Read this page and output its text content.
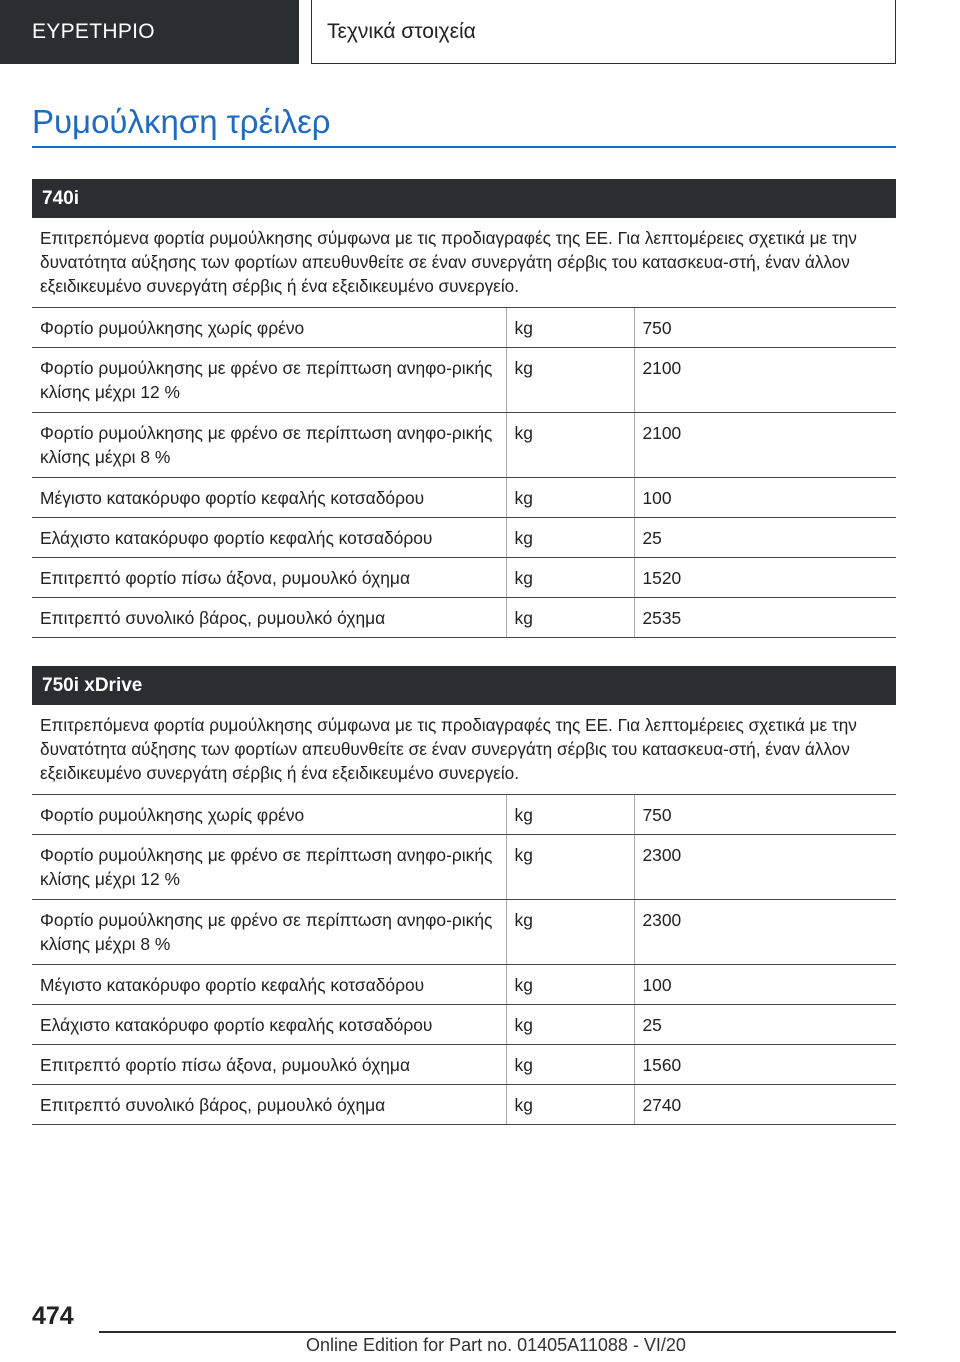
ΕΥΡΕΤΗΡΙΟ	Τεχνικά στοιχεία
Ρυμούλκηση τρέιλερ
740i
Επιτρεπόμενα φορτία ρυμούλκησης σύμφωνα με τις προδιαγραφές της ΕΕ. Για λεπτομέρειες σχετικά με την δυνατότητα αύξησης των φορτίων απευθυνθείτε σε έναν συνεργάτη σέρβις του κατασκευα-στή, έναν άλλον εξειδικευμένο συνεργάτη σέρβις ή ένα εξειδικευμένο συνεργείο.
Φορτίο ρυμούλκησης χωρίς φρένο	kg	750
Φορτίο ρυμούλκησης με φρένο σε περίπτωση ανηφο-ρικής κλίσης μέχρι 12 %	kg	2100
Φορτίο ρυμούλκησης με φρένο σε περίπτωση ανηφο-ρικής κλίσης μέχρι 8 %	kg	2100
Μέγιστο κατακόρυφο φορτίο κεφαλής κοτσαδόρου	kg	100
Ελάχιστο κατακόρυφο φορτίο κεφαλής κοτσαδόρου	kg	25
Επιτρεπτό φορτίο πίσω άξονα, ρυμουλκό όχημα	kg	1520
Επιτρεπτό συνολικό βάρος, ρυμουλκό όχημα	kg	2535
750i xDrive
Επιτρεπόμενα φορτία ρυμούλκησης σύμφωνα με τις προδιαγραφές της ΕΕ. Για λεπτομέρειες σχετικά με την δυνατότητα αύξησης των φορτίων απευθυνθείτε σε έναν συνεργάτη σέρβις του κατασκευα-στή, έναν άλλον εξειδικευμένο συνεργάτη σέρβις ή ένα εξειδικευμένο συνεργείο.
Φορτίο ρυμούλκησης χωρίς φρένο	kg	750
Φορτίο ρυμούλκησης με φρένο σε περίπτωση ανηφο-ρικής κλίσης μέχρι 12 %	kg	2300
Φορτίο ρυμούλκησης με φρένο σε περίπτωση ανηφο-ρικής κλίσης μέχρι 8 %	kg	2300
Μέγιστο κατακόρυφο φορτίο κεφαλής κοτσαδόρου	kg	100
Ελάχιστο κατακόρυφο φορτίο κεφαλής κοτσαδόρου	kg	25
Επιτρεπτό φορτίο πίσω άξονα, ρυμουλκό όχημα	kg	1560
Επιτρεπτό συνολικό βάρος, ρυμουλκό όχημα	kg	2740
474
Online Edition for Part no. 01405A11088 - VI/20
